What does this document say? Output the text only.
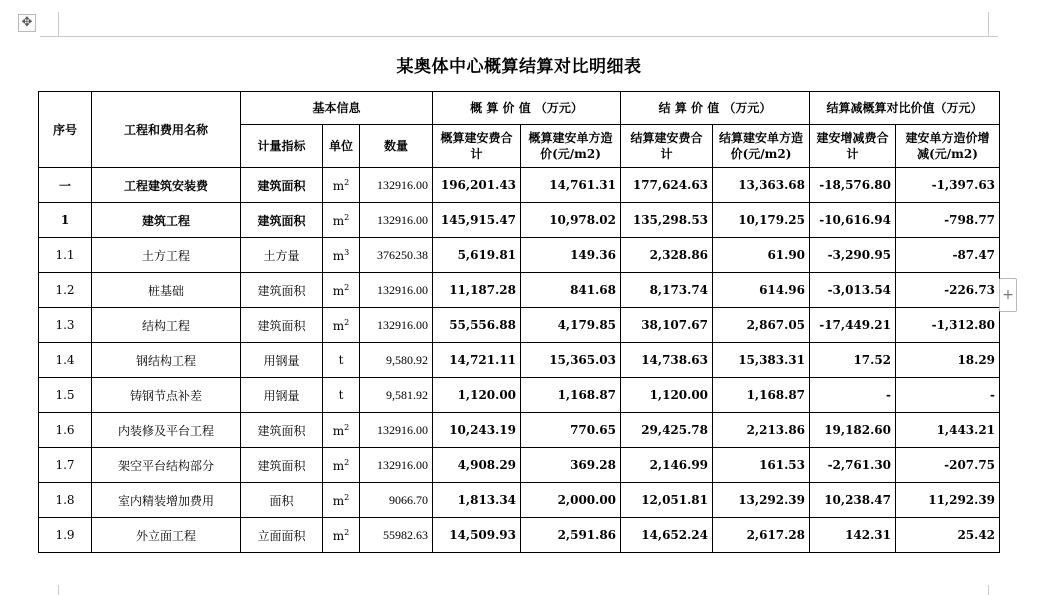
✥
某奥体中心概算结算对比明细表
序号	工程和费用名称	基本信息			概 算 价 值 （万元）		结 算 价 值 （万元）		结算减概算对比价值（万元）	
		计量指标	单位	数量	概算建安费合计	概算建安单方造价(元/m2)	结算建安费合计	结算建安单方造价(元/m2)	建安增减费合计	建安单方造价增减(元/m2)
一	工程建筑安装费	建筑面积	$m^2$	132916.00	196,201.43	14,761.31	177,624.63	13,363.68	-18,576.80	-1,397.63
1	建筑工程	建筑面积	$m^2$	132916.00	145,915.47	10,978.02	135,298.53	10,179.25	-10,616.94	-798.77
1.1	土方工程	土方量	$m^3$	376250.38	5,619.81	149.36	2,328.86	61.90	-3,290.95	-87.47
1.2	桩基础	建筑面积	$m^2$	132916.00	11,187.28	841.68	8,173.74	614.96	-3,013.54	-226.73
1.3	结构工程	建筑面积	$m^2$	132916.00	55,556.88	4,179.85	38,107.67	2,867.05	-17,449.21	-1,312.80
1.4	钢结构工程	用钢量	t	9,580.92	14,721.11	15,365.03	14,738.63	15,383.31	17.52	18.29
1.5	铸钢节点补差	用钢量	t	9,581.92	1,120.00	1,168.87	1,120.00	1,168.87	-	-
1.6	内装修及平台工程	建筑面积	$m^2$	132916.00	10,243.19	770.65	29,425.78	2,213.86	19,182.60	1,443.21
1.7	架空平台结构部分	建筑面积	$m^2$	132916.00	4,908.29	369.28	2,146.99	161.53	-2,761.30	-207.75
1.8	室内精装增加费用	面积	$m^2$	9066.70	1,813.34	2,000.00	12,051.81	13,292.39	10,238.47	11,292.39
1.9	外立面工程	立面面积	$m^2$	55982.63	14,509.93	2,591.86	14,652.24	2,617.28	142.31	25.42
+
